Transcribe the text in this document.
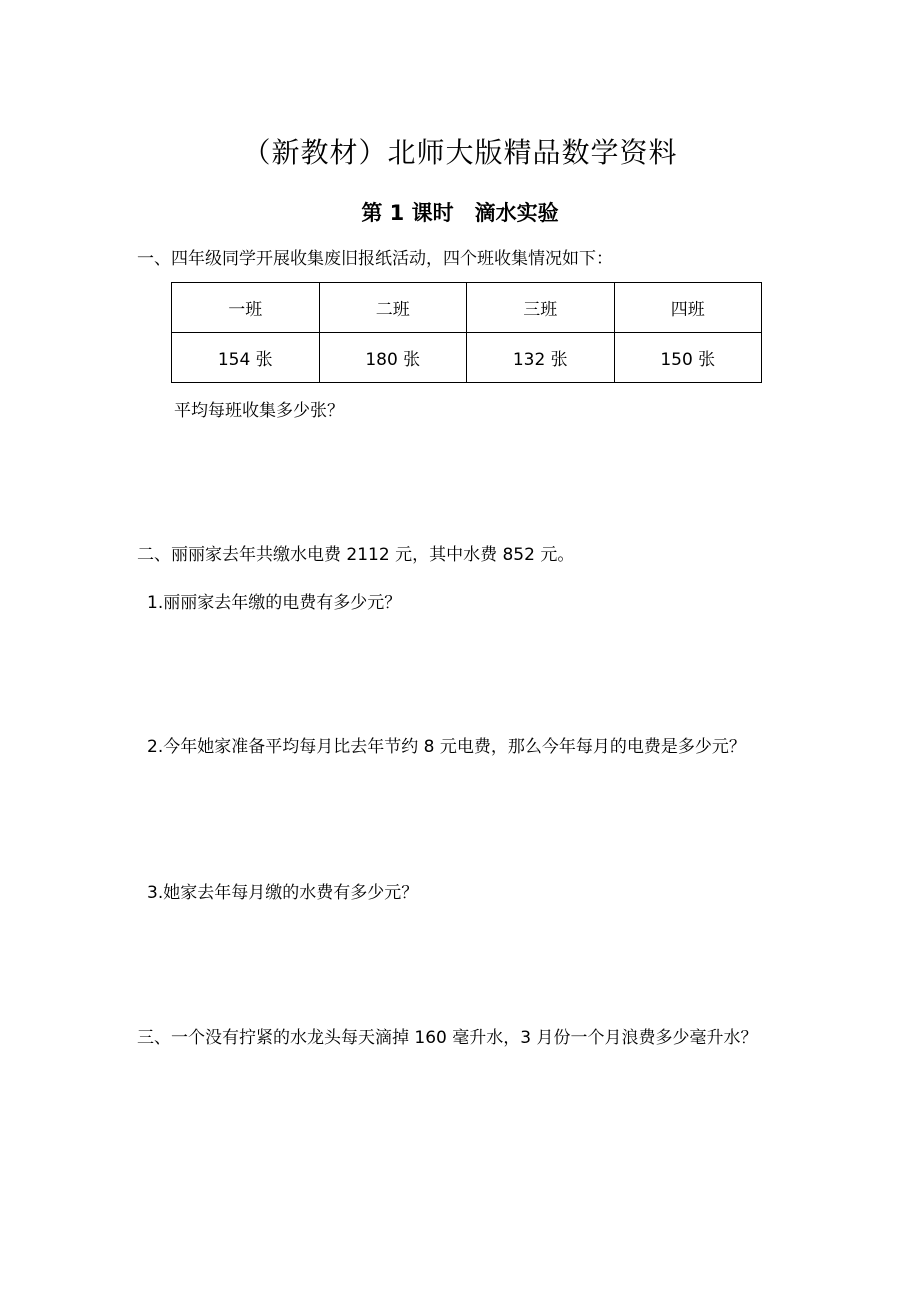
（新教材）北师大版精品数学资料
第 1 课时　滴水实验
一、四年级同学开展收集废旧报纸活动，四个班收集情况如下：
一班	二班	三班	四班
154 张	180 张	132 张	150 张
平均每班收集多少张？
二、丽丽家去年共缴水电费 2112 元，其中水费 852 元。
1.丽丽家去年缴的电费有多少元？
2.今年她家准备平均每月比去年节约 8 元电费，那么今年每月的电费是多少元？
3.她家去年每月缴的水费有多少元？
三、一个没有拧紧的水龙头每天滴掉 160 毫升水，3 月份一个月浪费多少毫升水？
